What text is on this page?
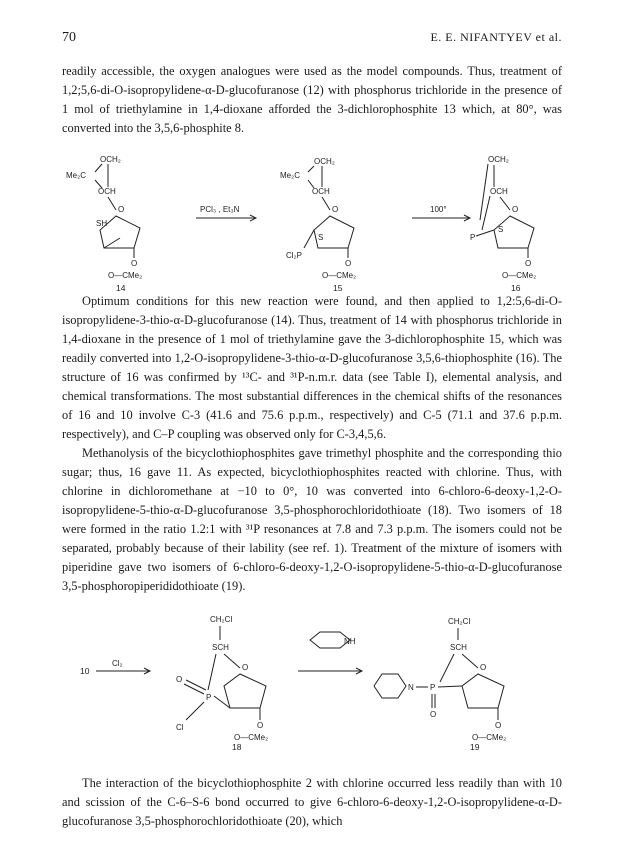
70	E. E. NIFANTYEV et al.
readily accessible, the oxygen analogues were used as the model compounds. Thus, treatment of 1,2;5,6-di-O-isopropylidene-α-D-glucofuranose (12) with phosphorus trichloride in the presence of 1 mol of triethylamine in 1,4-dioxane afforded the 3-dichlorophosphite 13 which, at 80°, was converted into the 3,5,6-phosphite 8.
OCH₂
Me₂C
OCH
O
SH
O
O—CMe₂
PCl₃ , Et₃N
OCH₂
Me₂C
OCH
O
S
Cl₂P
O
O—CMe₂
100°
OCH₂
OCH
O
P
S
O
O—CMe₂
14	15	16
Optimum conditions for this new reaction were found, and then applied to 1,2:5,6-di-O-isopropylidene-3-thio-α-D-glucofuranose (14). Thus, treatment of 14 with phosphorus trichloride in 1,4-dioxane in the presence of 1 mol of triethylamine gave the 3-dichlorophosphite 15, which was readily converted into 1,2-O-isopropylidene-3-thio-α-D-glucofuranose 3,5,6-thiophosphite (16). The structure of 16 was confirmed by ¹³C- and ³¹P-n.m.r. data (see Table I), elemental analysis, and chemical transformations. The most substantial differences in the chemical shifts of the resonances of 16 and 10 involve C-3 (41.6 and 75.6 p.p.m., respectively) and C-5 (71.1 and 37.6 p.p.m. respectively), and C–P coupling was observed only for C-3,4,5,6.
Methanolysis of the bicyclothiophosphites gave trimethyl phosphite and the corresponding thio sugar; thus, 16 gave 11. As expected, bicyclothiophosphites reacted with chlorine. Thus, with chlorine in dichloromethane at −10 to 0°, 10 was converted into 6-chloro-6-deoxy-1,2-O-isopropylidene-5-thio-α-D-glucofuranose 3,5-phosphorochloridothioate (18). Two isomers of 18 were formed in the ratio 1.2:1 with ³¹P resonances at 7.8 and 7.3 p.p.m. The isomers could not be separated, probably because of their lability (see ref. 1). Treatment of the mixture of isomers with piperidine gave two isomers of 6-chloro-6-deoxy-1,2-O-isopropylidene-5-thio-α-D-glucofuranose 3,5-phosphoropiperididothioate (19).
10
Cl₂
CH₂Cl
SCH
O
P
O
Cl	O
O—CMe₂
NH
CH₂Cl
SCH
O
N P
O
O
O—CMe₂
18	19
The interaction of the bicyclothiophosphite 2 with chlorine occurred less readily than with 10 and scission of the C-6–S-6 bond occurred to give 6-chloro-6-deoxy-1,2-O-isopropylidene-α-D-glucofuranose 3,5-phosphorochloridothioate (20), which
